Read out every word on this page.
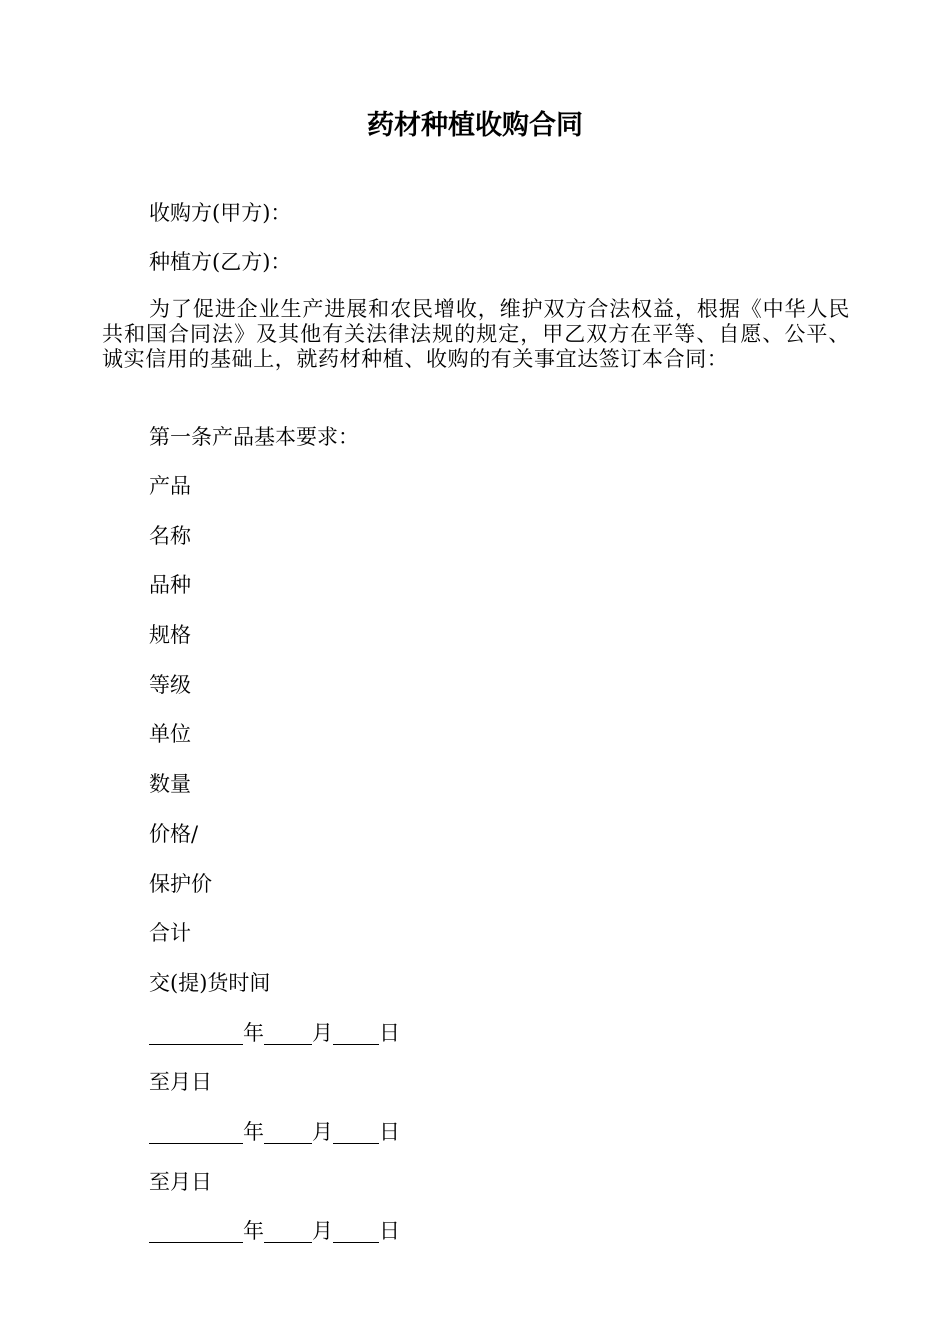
药材种植收购合同
收购方(甲方)：
种植方(乙方)：
为了促进企业生产进展和农民增收，维护双方合法权益，根据《中华人民共和国合同法》及其他有关法律法规的规定，甲乙双方在平等、自愿、公平、诚实信用的基础上，就药材种植、收购的有关事宜达签订本合同：
第一条产品基本要求：
产品
名称
品种
规格
等级
单位
数量
价格/
保护价
合计
交(提)货时间
年 月 日
至月日
年 月 日
至月日
年 月 日
